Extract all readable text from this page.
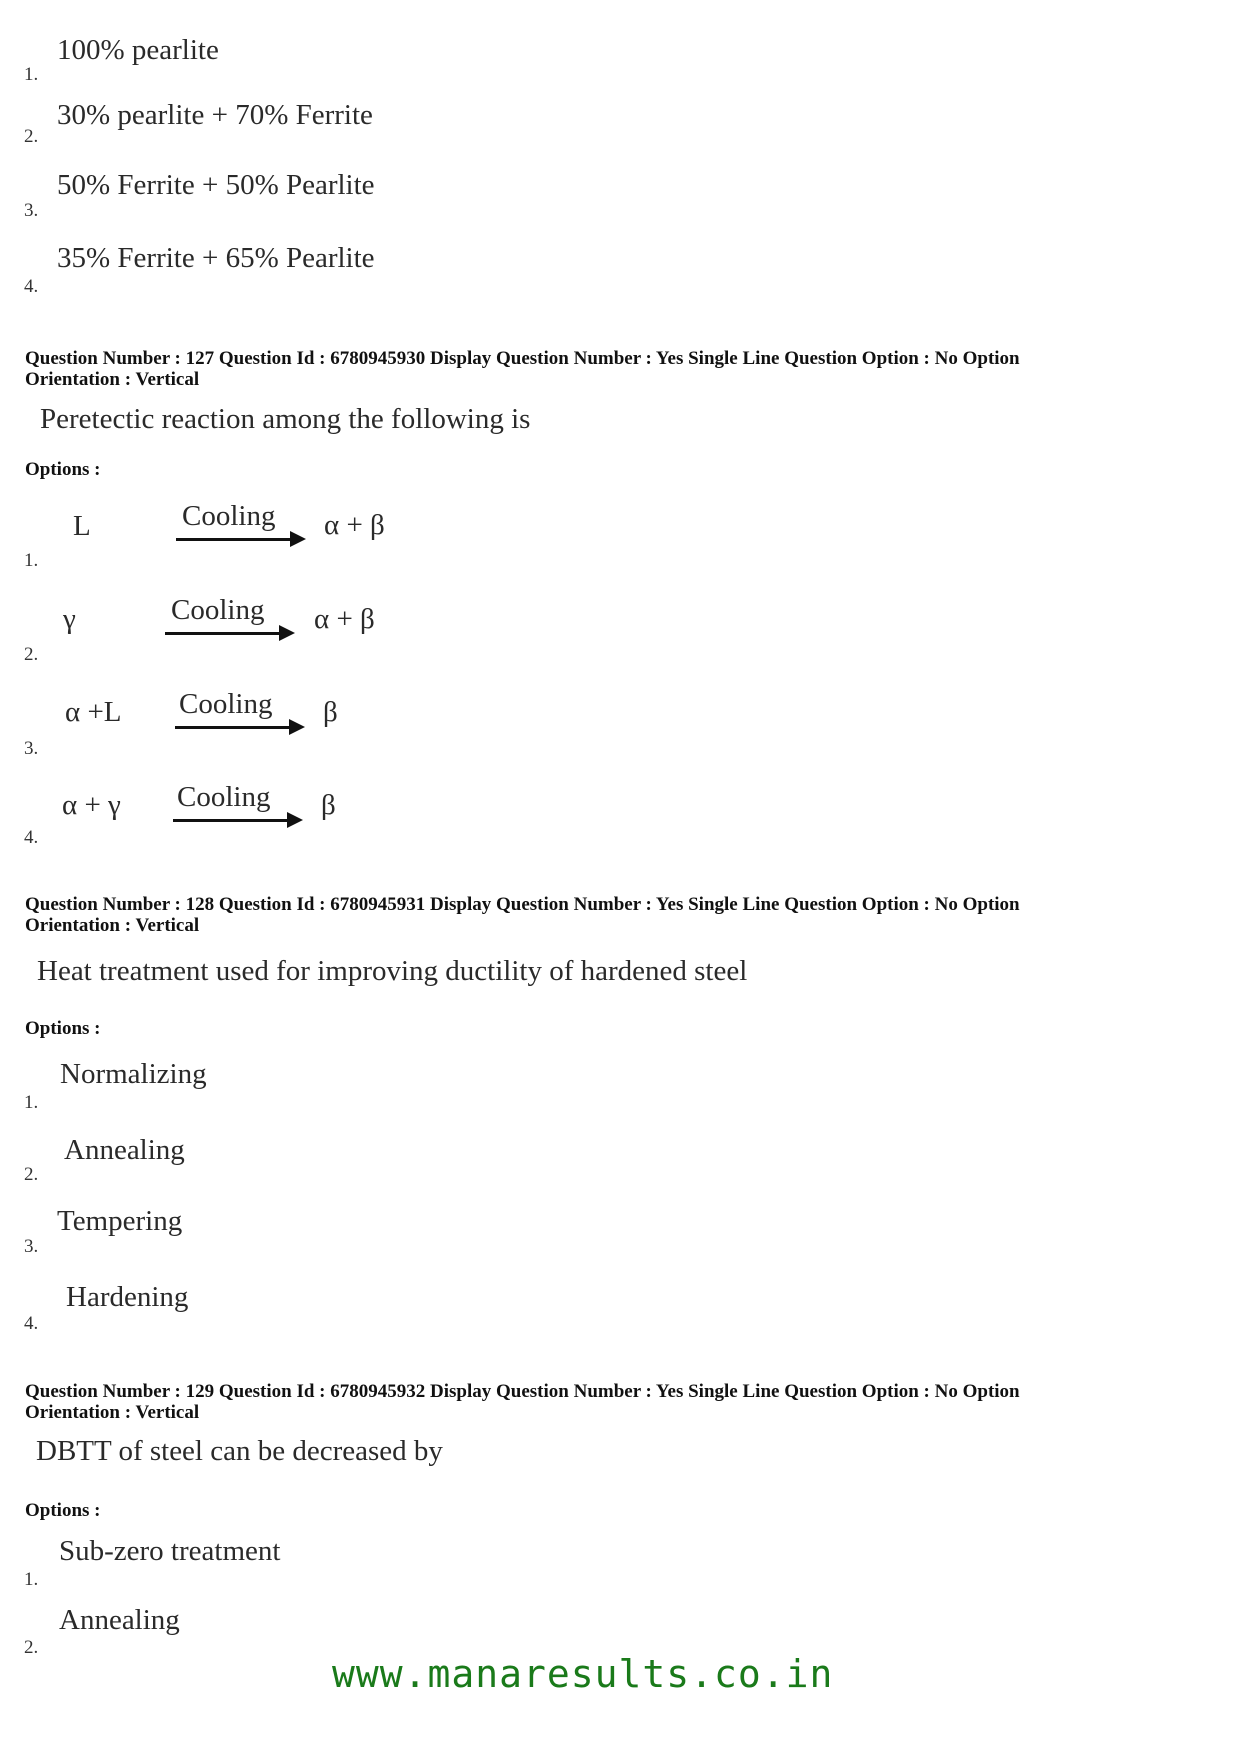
100% pearlite
1.
30% pearlite + 70% Ferrite
2.
50% Ferrite + 50% Pearlite
3.
35% Ferrite + 65% Pearlite
4.
Question Number : 127 Question Id : 6780945930 Display Question Number : Yes Single Line Question Option : No Option
Orientation : Vertical
Peretectic reaction among the following is
Options :
L	Cooling α + β
1.
γ	Cooling α + β
2.
α +L Cooling β
3.
α + γ Cooling β
4.
Question Number : 128 Question Id : 6780945931 Display Question Number : Yes Single Line Question Option : No Option
Orientation : Vertical
Heat treatment used for improving ductility of hardened steel
Options :
Normalizing
1.
Annealing
2.
Tempering
3.
Hardening
4.
Question Number : 129 Question Id : 6780945932 Display Question Number : Yes Single Line Question Option : No Option
Orientation : Vertical
DBTT of steel can be decreased by
Options :
Sub-zero treatment
1.
Annealing
2.
www.manaresults.co.in
